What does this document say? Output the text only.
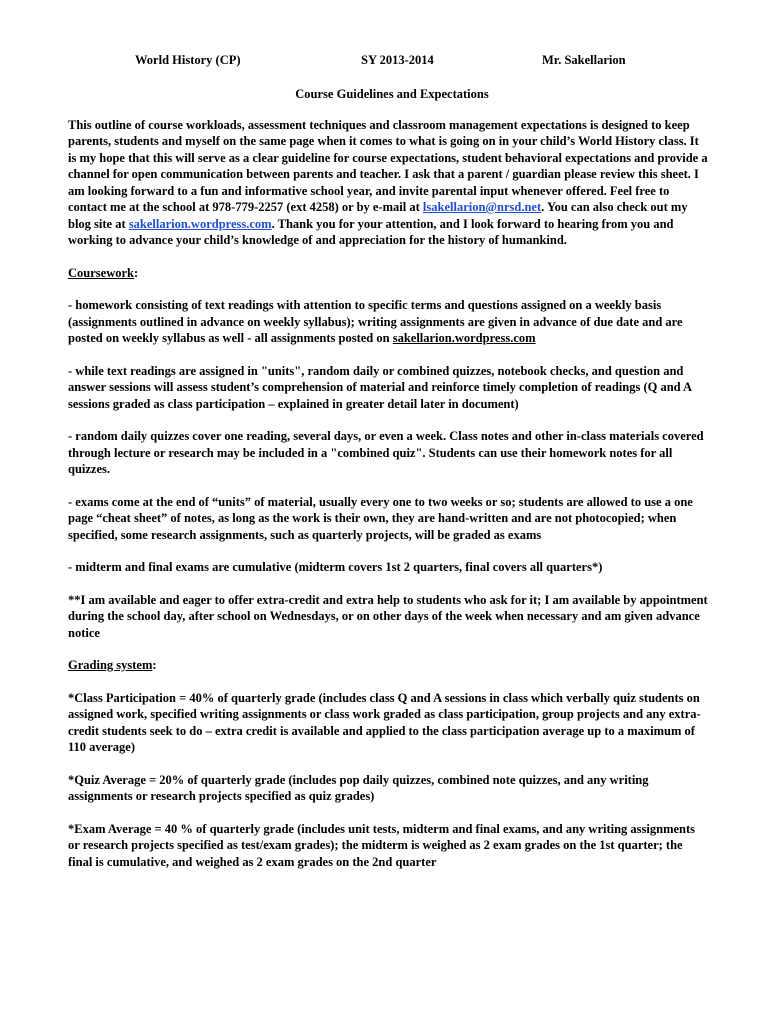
World History (CP)	SY 2013-2014	Mr. Sakellarion
Course Guidelines and Expectations

This outline of course workloads, assessment techniques and classroom management expectations is designed to keep parents, students and myself on the same page when it comes to what is going on in your child’s World History class. It is my hope that this will serve as a clear guideline for course expectations, student behavioral expectations and provide a channel for open communication between parents and teacher. I ask that a parent / guardian please review this sheet. I am looking forward to a fun and informative school year, and invite parental input whenever offered. Feel free to contact me at the school at 978-779-2257 (ext 4258) or by e-mail at lsakellarion@nrsd.net. You can also check out my blog site at sakellarion.wordpress.com. Thank you for your attention, and I look forward to hearing from you and working to advance your child’s knowledge of and appreciation for the history of humankind.

Coursework:

- homework consisting of text readings with attention to specific terms and questions assigned on a weekly basis (assignments outlined in advance on weekly syllabus); writing assignments are given in advance of due date and are posted on weekly syllabus as well - all assignments posted on sakellarion.wordpress.com

- while text readings are assigned in "units", random daily or combined quizzes, notebook checks, and question and answer sessions will assess student’s comprehension of material and reinforce timely completion of readings (Q and A sessions graded as class participation – explained in greater detail later in document)

- random daily quizzes cover one reading, several days, or even a week. Class notes and other in-class materials covered through lecture or research may be included in a "combined quiz". Students can use their homework notes for all quizzes.

- exams come at the end of “units” of material, usually every one to two weeks or so; students are allowed to use a one page “cheat sheet” of notes, as long as the work is their own, they are hand-written and are not photocopied; when specified, some research assignments, such as quarterly projects, will be graded as exams

- midterm and final exams are cumulative (midterm covers 1st 2 quarters, final covers all quarters*)

**I am available and eager to offer extra-credit and extra help to students who ask for it; I am available by appointment during the school day, after school on Wednesdays, or on other days of the week when necessary and am given advance notice

Grading system:

*Class Participation = 40% of quarterly grade (includes class Q and A sessions in class which verbally quiz students on assigned work, specified writing assignments or class work graded as class participation, group projects and any extra-credit students seek to do – extra credit is available and applied to the class participation average up to a maximum of 110 average)

*Quiz Average = 20% of quarterly grade (includes pop daily quizzes, combined note quizzes, and any writing assignments or research projects specified as quiz grades)

*Exam Average = 40 % of quarterly grade (includes unit tests, midterm and final exams, and any writing assignments or research projects specified as test/exam grades); the midterm is weighed as 2 exam grades on the 1st quarter; the final is cumulative, and weighed as 2 exam grades on the 2nd quarter
